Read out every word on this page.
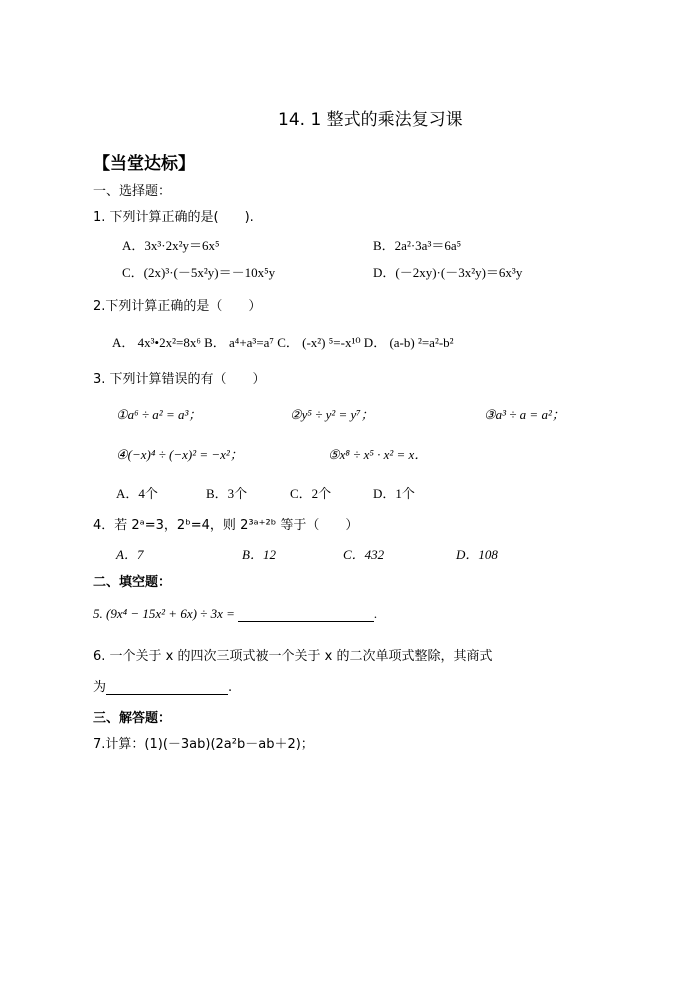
14. 1 整式的乘法复习课
【当堂达标】
一、选择题：
1. 下列计算正确的是(　　).
A．3x³·2x²y＝6x⁵	B．2a²·3a³＝6a⁵
C．(2x)³·(－5x²y)＝－10x⁵y	D．(－2xy)·(－3x²y)＝6x³y
2.下列计算正确的是（　　）
A． 4x³•2x²=8x⁶ B． a⁴+a³=a⁷ C． (-x²) ⁵=-x¹⁰ D． (a-b) ²=a²-b²
3. 下列计算错误的有（　　）
①a⁶ ÷ a² = a³；	②y⁵ ÷ y² = y⁷；	③a³ ÷ a = a²；
④(−x)⁴ ÷ (−x)² = −x²；	⑤x⁸ ÷ x⁵ · x² = x．
A．4个	B．3个	C．2个	D．1个
4．若 2ᵃ=3，2ᵇ=4，则 2³ᵃ⁺²ᵇ 等于（　　）
A．7	B．12	C．432	D．108
二、填空题：
5. (9x⁴ − 15x² + 6x) ÷ 3x =	.
6. 一个关于 x 的四次三项式被一个关于 x 的二次单项式整除，其商式
为	.
三、解答题：
7.计算：(1)(－3ab)(2a²b－ab＋2)；
